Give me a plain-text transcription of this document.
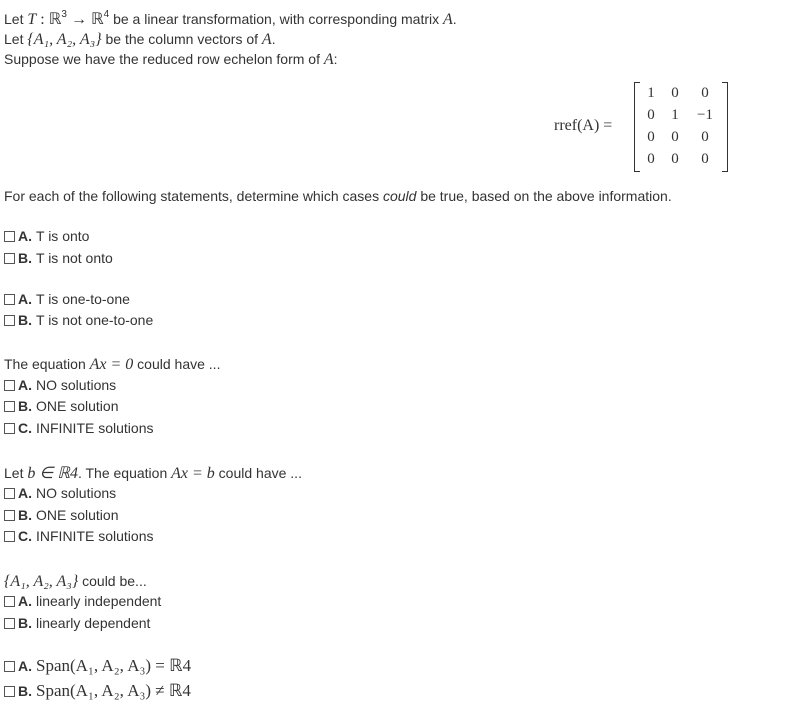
Let T : ℝ$^3$ → ℝ$^4$ be a linear transformation, with corresponding matrix A.
Let {A₁, A₂, A₃} be the column vectors of A.
Suppose we have the reduced row echelon form of A:
rref(A) =
1	0	0
0	1	−1
0	0	0
0	0	0
For each of the following statements, determine which cases could be true, based on the above information.
A. T is onto
B. T is not onto
A. T is one-to-one
B. T is not one-to-one
The equation Ax = 0 could have ...
A. NO solutions
B. ONE solution
C. INFINITE solutions
Let b ∈ ℝ4. The equation Ax = b could have ...
A. NO solutions
B. ONE solution
C. INFINITE solutions
{A₁, A₂, A₃} could be...
A. linearly independent
B. linearly dependent
A. Span(A₁, A₂, A₃) = ℝ4
B. Span(A₁, A₂, A₃) ≠ ℝ4
